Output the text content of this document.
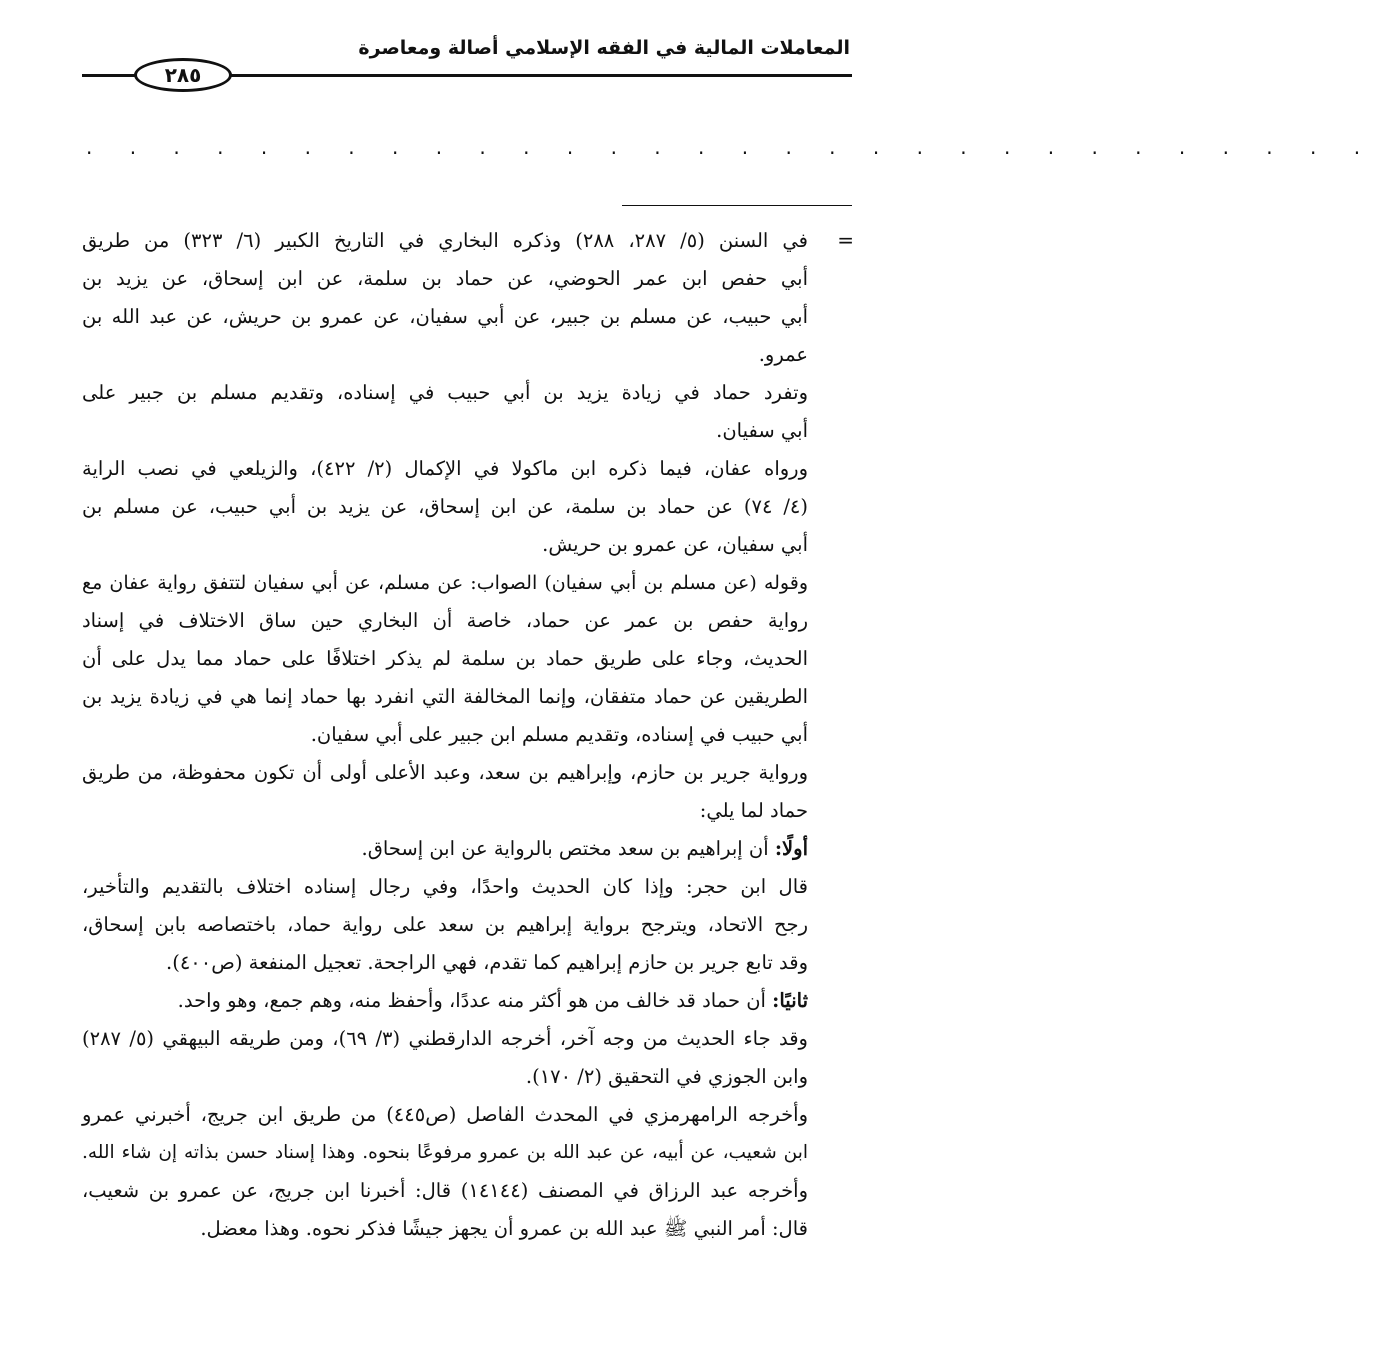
المعاملات المالية في الفقه الإسلامي أصالة ومعاصرة
٢٨٥
. . . . . . . . . . . . . . . . . . . . . . . . . . . . . .
=
في السنن (٥/ ٢٨٧، ٢٨٨) وذكره البخاري في التاريخ الكبير (٦/ ٣٢٣) من طريق
أبي حفص ابن عمر الحوضي، عن حماد بن سلمة، عن ابن إسحاق، عن يزيد بن
أبي حبيب، عن مسلم بن جبير، عن أبي سفيان، عن عمرو بن حريش، عن عبد الله بن
عمرو.
وتفرد حماد في زيادة يزيد بن أبي حبيب في إسناده، وتقديم مسلم بن جبير على
أبي سفيان.
ورواه عفان، فيما ذكره ابن ماكولا في الإكمال (٢/ ٤٢٢)، والزيلعي في نصب الراية
(٤/ ٧٤) عن حماد بن سلمة، عن ابن إسحاق، عن يزيد بن أبي حبيب، عن مسلم بن
أبي سفيان، عن عمرو بن حريش.
وقوله (عن مسلم بن أبي سفيان) الصواب: عن مسلم، عن أبي سفيان لتتفق رواية عفان مع
رواية حفص بن عمر عن حماد، خاصة أن البخاري حين ساق الاختلاف في إسناد
الحديث، وجاء على طريق حماد بن سلمة لم يذكر اختلافًا على حماد مما يدل على أن
الطريقين عن حماد متفقان، وإنما المخالفة التي انفرد بها حماد إنما هي في زيادة يزيد بن
أبي حبيب في إسناده، وتقديم مسلم ابن جبير على أبي سفيان.
ورواية جرير بن حازم، وإبراهيم بن سعد، وعبد الأعلى أولى أن تكون محفوظة، من طريق
حماد لما يلي:
أولًا: أن إبراهيم بن سعد مختص بالرواية عن ابن إسحاق.
قال ابن حجر: وإذا كان الحديث واحدًا، وفي رجال إسناده اختلاف بالتقديم والتأخير،
رجح الاتحاد، ويترجح برواية إبراهيم بن سعد على رواية حماد، باختصاصه بابن إسحاق،
وقد تابع جرير بن حازم إبراهيم كما تقدم، فهي الراجحة. تعجيل المنفعة (ص٤٠٠).
ثانيًا: أن حماد قد خالف من هو أكثر منه عددًا، وأحفظ منه، وهم جمع، وهو واحد.
وقد جاء الحديث من وجه آخر، أخرجه الدارقطني (٣/ ٦٩)، ومن طريقه البيهقي (٥/ ٢٨٧)
وابن الجوزي في التحقيق (٢/ ١٧٠).
وأخرجه الرامهرمزي في المحدث الفاصل (ص٤٤٥) من طريق ابن جريج، أخبرني عمرو
ابن شعيب، عن أبيه، عن عبد الله بن عمرو مرفوعًا بنحوه. وهذا إسناد حسن بذاته إن شاء الله.
وأخرجه عبد الرزاق في المصنف (١٤١٤٤) قال: أخبرنا ابن جريج، عن عمرو بن شعيب،
قال: أمر النبي ﷺ عبد الله بن عمرو أن يجهز جيشًا فذكر نحوه. وهذا معضل.
